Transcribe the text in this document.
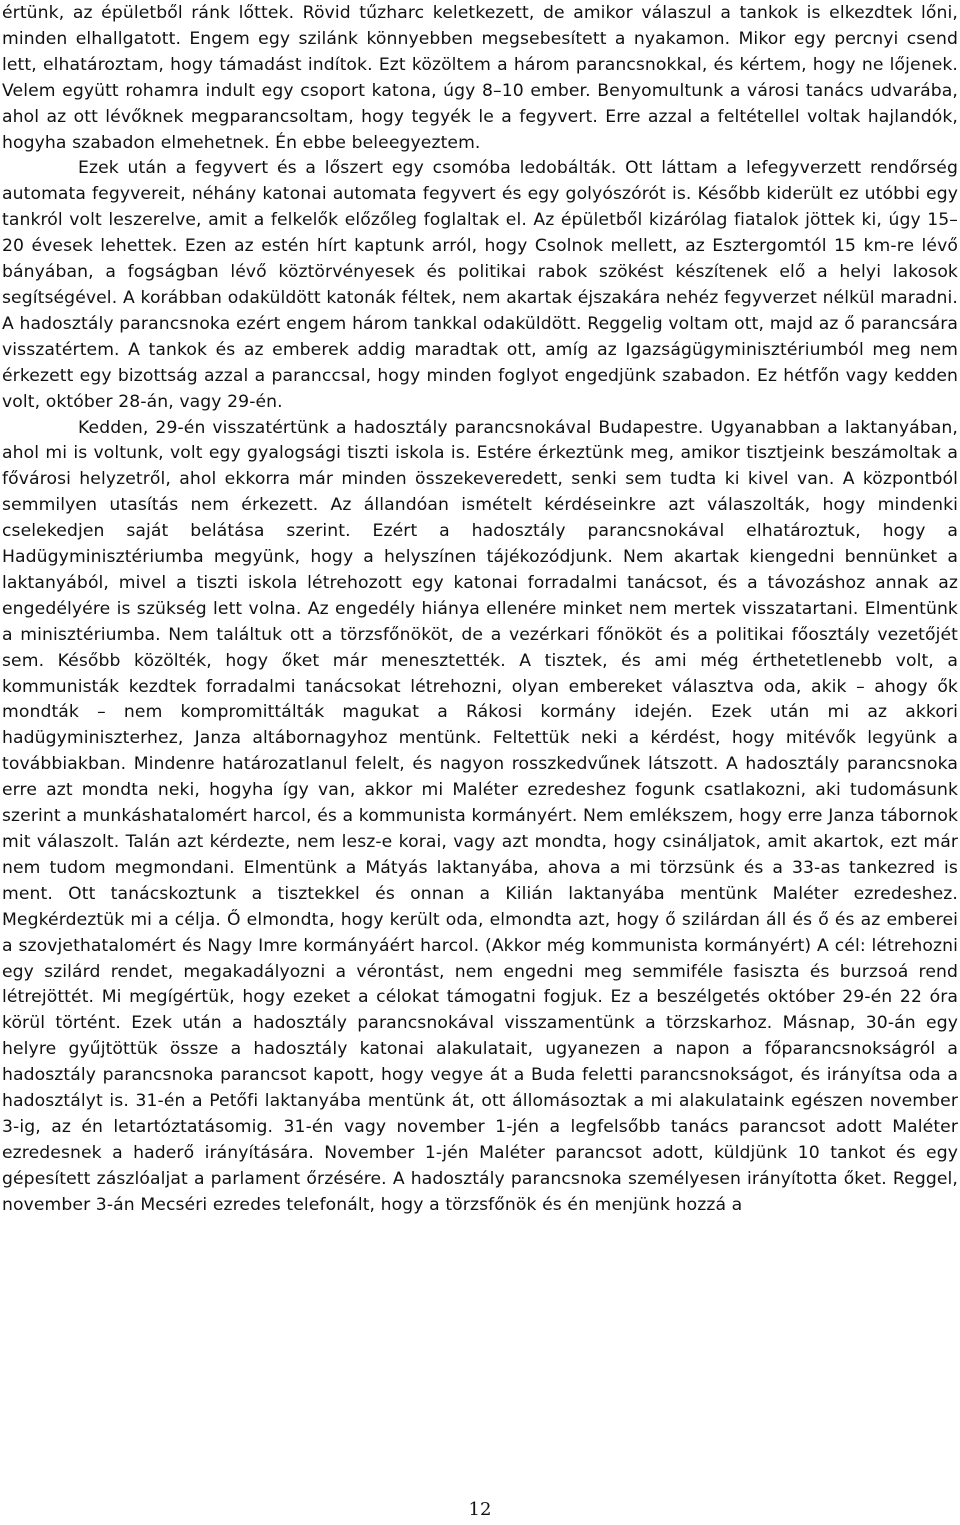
értünk, az épületből ránk lőttek. Rövid tűzharc keletkezett, de amikor válaszul a tankok is elkezdtek lőni, minden elhallgatott. Engem egy szilánk könnyebben megsebesített a nyakamon. Mikor egy percnyi csend lett, elhatároztam, hogy támadást indítok. Ezt közöltem a három parancsnokkal, és kértem, hogy ne lőjenek. Velem együtt rohamra indult egy csoport katona, úgy 8–10 ember. Benyomultunk a városi tanács udvarába, ahol az ott lévőknek megparancsoltam, hogy tegyék le a fegyvert. Erre azzal a feltétellel voltak hajlandók, hogyha szabadon elmehetnek. Én ebbe beleegyeztem.

Ezek után a fegyvert és a lőszert egy csomóba ledobálták. Ott láttam a lefegyverzett rendőrség automata fegyvereit, néhány katonai automata fegyvert és egy golyószórót is. Később kiderült ez utóbbi egy tankról volt leszerelve, amit a felkelők előzőleg foglaltak el. Az épületből kizárólag fiatalok jöttek ki, úgy 15–20 évesek lehettek. Ezen az estén hírt kaptunk arról, hogy Csolnok mellett, az Esztergomtól 15 km-re lévő bányában, a fogságban lévő köztörvényesek és politikai rabok szökést készítenek elő a helyi lakosok segítségével. A korábban odaküldött katonák féltek, nem akartak éjszakára nehéz fegyverzet nélkül maradni. A hadosztály parancsnoka ezért engem három tankkal odaküldött. Reggelig voltam ott, majd az ő parancsára visszatértem. A tankok és az emberek addig maradtak ott, amíg az Igazságügyminisztériumból meg nem érkezett egy bizottság azzal a paranccsal, hogy minden foglyot engedjünk szabadon. Ez hétfőn vagy kedden volt, október 28-án, vagy 29-én.

Kedden, 29-én visszatértünk a hadosztály parancsnokával Budapestre. Ugyanabban a laktanyában, ahol mi is voltunk, volt egy gyalogsági tiszti iskola is. Estére érkeztünk meg, amikor tisztjeink beszámoltak a fővárosi helyzetről, ahol ekkorra már minden összekeveredett, senki sem tudta ki kivel van. A központból semmilyen utasítás nem érkezett. Az állandóan ismételt kérdéseinkre azt válaszolták, hogy mindenki cselekedjen saját belátása szerint. Ezért a hadosztály parancsnokával elhatároztuk, hogy a Hadügyminisztériumba megyünk, hogy a helyszínen tájékozódjunk. Nem akartak kiengedni bennünket a laktanyából, mivel a tiszti iskola létrehozott egy katonai forradalmi tanácsot, és a távozáshoz annak az engedélyére is szükség lett volna. Az engedély hiánya ellenére minket nem mertek visszatartani. Elmentünk a minisztériumba. Nem találtuk ott a törzsfőnököt, de a vezérkari főnököt és a politikai főosztály vezetőjét sem. Később közölték, hogy őket már menesztették. A tisztek, és ami még érthetetlenebb volt, a kommunisták kezdtek forradalmi tanácsokat létrehozni, olyan embereket választva oda, akik – ahogy ők mondták – nem kompromittálták magukat a Rákosi kormány idején. Ezek után mi az akkori hadügyminiszterhez, Janza altábornagyhoz mentünk. Feltettük neki a kérdést, hogy mitévők legyünk a továbbiakban. Mindenre határozatlanul felelt, és nagyon rosszkedvűnek látszott. A hadosztály parancsnoka erre azt mondta neki, hogyha így van, akkor mi Maléter ezredeshez fogunk csatlakozni, aki tudomásunk szerint a munkáshatalomért harcol, és a kommunista kormányért. Nem emlékszem, hogy erre Janza tábornok mit válaszolt. Talán azt kérdezte, nem lesz-e korai, vagy azt mondta, hogy csináljatok, amit akartok, ezt már nem tudom megmondani. Elmentünk a Mátyás laktanyába, ahova a mi törzsünk és a 33-as tankezred is ment. Ott tanácskoztunk a tisztekkel és onnan a Kilián laktanyába mentünk Maléter ezredeshez. Megkérdeztük mi a célja. Ő elmondta, hogy került oda, elmondta azt, hogy ő szilárdan áll és ő és az emberei a szovjethatalomért és Nagy Imre kormányáért harcol. (Akkor még kommunista kormányért) A cél: létrehozni egy szilárd rendet, megakadályozni a vérontást, nem engedni meg semmiféle fasiszta és burzsoá rend létrejöttét. Mi megígértük, hogy ezeket a célokat támogatni fogjuk. Ez a beszélgetés október 29-én 22 óra körül történt. Ezek után a hadosztály parancsnokával visszamentünk a törzskarhoz. Másnap, 30-án egy helyre gyűjtöttük össze a hadosztály katonai alakulatait, ugyanezen a napon a főparancsnokságról a hadosztály parancsnoka parancsot kapott, hogy vegye át a Buda feletti parancsnokságot, és irányítsa oda a hadosztályt is. 31-én a Petőfi laktanyába mentünk át, ott állomásoztak a mi alakulataink egészen november 3-ig, az én letartóztatásomig. 31-én vagy november 1-jén a legfelsőbb tanács parancsot adott Maléter ezredesnek a haderő irányítására. November 1-jén Maléter parancsot adott, küldjünk 10 tankot és egy gépesített zászlóaljat a parlament őrzésére. A hadosztály parancsnoka személyesen irányította őket. Reggel, november 3-án Mecséri ezredes telefonált, hogy a törzsfőnök és én menjünk hozzá a

12
